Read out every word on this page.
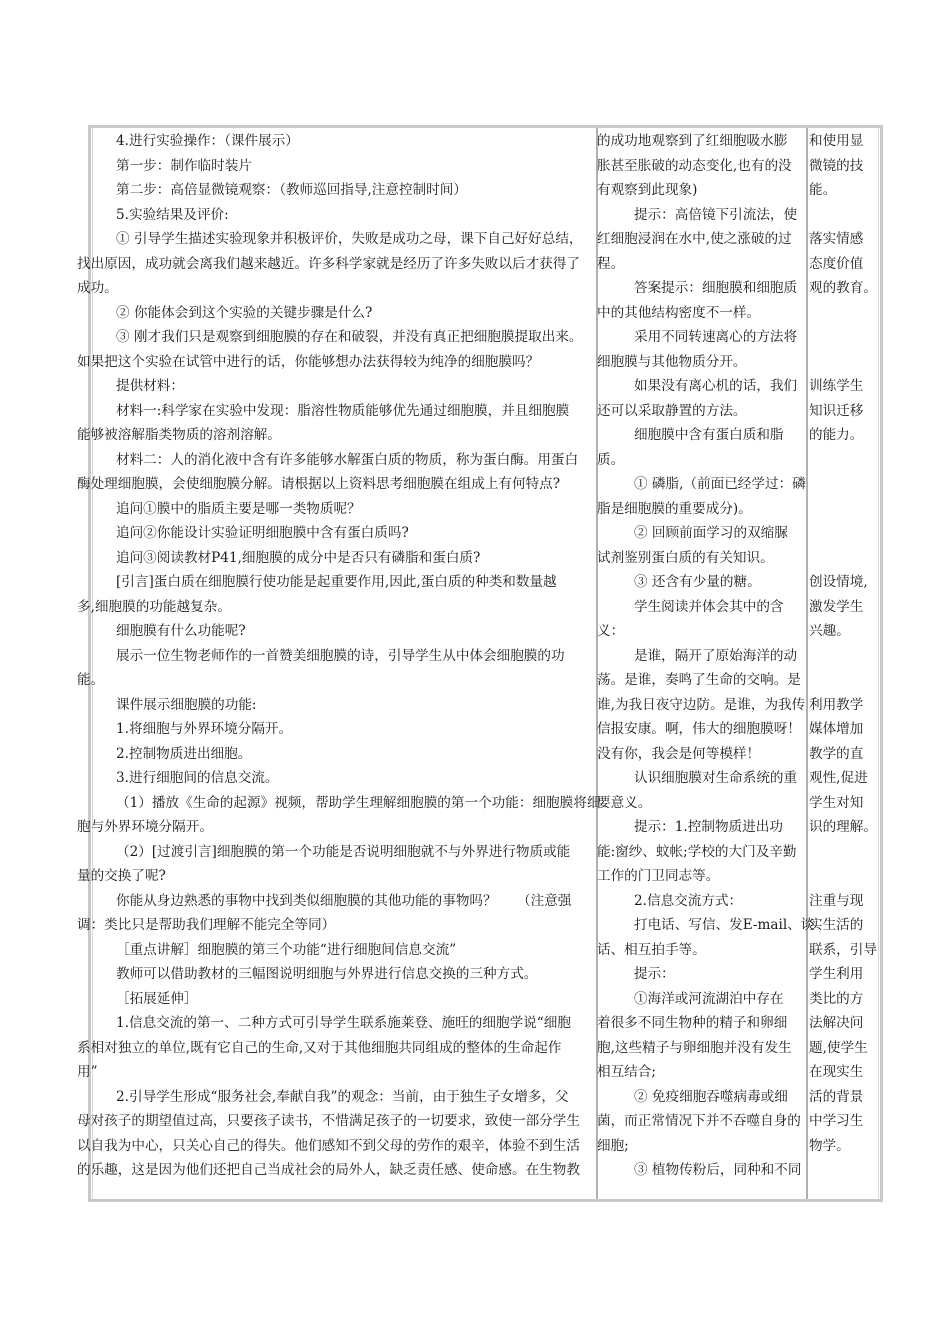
4.进行实验操作：（课件展示）

第一步：制作临时装片

第二步：高倍显微镜观察：（教师巡回指导,注意控制时间）

5.实验结果及评价:

① 引导学生描述实验现象并积极评价，失败是成功之母，课下自己好好总结，

找出原因，成功就会离我们越来越近。许多科学家就是经历了许多失败以后才获得了

成功。

② 你能体会到这个实验的关键步骤是什么?

③ 刚才我们只是观察到细胞膜的存在和破裂，并没有真正把细胞膜提取出来。

如果把这个实验在试管中进行的话，你能够想办法获得较为纯净的细胞膜吗？

提供材料：

材料一:科学家在实验中发现：脂溶性物质能够优先通过细胞膜，并且细胞膜

能够被溶解脂类物质的溶剂溶解。

材料二：人的消化液中含有许多能够水解蛋白质的物质，称为蛋白酶。用蛋白

酶处理细胞膜，会使细胞膜分解。请根据以上资料思考细胞膜在组成上有何特点?

追问①膜中的脂质主要是哪一类物质呢？

追问②你能设计实验证明细胞膜中含有蛋白质吗?

追问③阅读教材P41,细胞膜的成分中是否只有磷脂和蛋白质?

[引言]蛋白质在细胞膜行使功能是起重要作用,因此,蛋白质的种类和数量越

多,细胞膜的功能越复杂。

细胞膜有什么功能呢?

展示一位生物老师作的一首赞美细胞膜的诗，引导学生从中体会细胞膜的功

能。

课件展示细胞膜的功能:

1.将细胞与外界环境分隔开。

2.控制物质进出细胞。

3.进行细胞间的信息交流。

（1）播放《生命的起源》视频，帮助学生理解细胞膜的第一个功能：细胞膜将细

胞与外界环境分隔开。

（2）[过渡引言]细胞膜的第一个功能是否说明细胞就不与外界进行物质或能

量的交换了呢?

你能从身边熟悉的事物中找到类似细胞膜的其他功能的事物吗？　　（注意强

调：类比只是帮助我们理解不能完全等同）

［重点讲解］细胞膜的第三个功能“进行细胞间信息交流”

教师可以借助教材的三幅图说明细胞与外界进行信息交换的三种方式。

［拓展延伸］

1.信息交流的第一、二种方式可引导学生联系施莱登、施旺的细胞学说“细胞

系相对独立的单位,既有它自己的生命,又对于其他细胞共同组成的整体的生命起作

用”

2.引导学生形成“服务社会,奉献自我”的观念：当前，由于独生子女增多，父

母对孩子的期望值过高，只要孩子读书，不惜满足孩子的一切要求，致使一部分学生

以自我为中心，只关心自己的得失。他们感知不到父母的劳作的艰辛，体验不到生活

的乐趣，这是因为他们还把自己当成社会的局外人，缺乏责任感、使命感。在生物教

的成功地观察到了红细胞吸水膨

胀甚至胀破的动态变化,也有的没

有观察到此现象)

提示：高倍镜下引流法，使

红细胞浸润在水中,使之涨破的过

程。

答案提示：细胞膜和细胞质

中的其他结构密度不一样。

采用不同转速离心的方法将

细胞膜与其他物质分开。

如果没有离心机的话，我们

还可以采取静置的方法。

细胞膜中含有蛋白质和脂

质。

① 磷脂,（前面已经学过：磷

脂是细胞膜的重要成分)。

② 回顾前面学习的双缩脲

试剂鉴别蛋白质的有关知识。

③ 还含有少量的糖。

学生阅读并体会其中的含

义：

是谁，隔开了原始海洋的动

荡。是谁，奏鸣了生命的交响。是

谁,为我日夜守边防。是谁，为我传

信报安康。啊，伟大的细胞膜呀！

没有你，我会是何等模样！

认识细胞膜对生命系统的重

要意义。

提示：1.控制物质进出功

能:窗纱、蚊帐;学校的大门及辛勤

工作的门卫同志等。

2.信息交流方式：

打电话、写信、发E-mail、谈

话、相互拍手等。

提示：

①海洋或河流湖泊中存在

着很多不同生物种的精子和卵细

胞,这些精子与卵细胞并没有发生

相互结合;

② 免疫细胞吞噬病毒或细

菌，而正常情况下并不吞噬自身的

细胞;

③ 植物传粉后，同种和不同

和使用显

微镜的技

能。

落实情感

态度价值

观的教育。

训练学生

知识迁移

的能力。

创设情境,

激发学生

兴趣。

利用教学

媒体增加

教学的直

观性,促进

学生对知

识的理解。

注重与现

实生活的

联系，引导

学生利用

类比的方

法解决问

题,使学生

在现实生

活的背景

中学习生

物学。
